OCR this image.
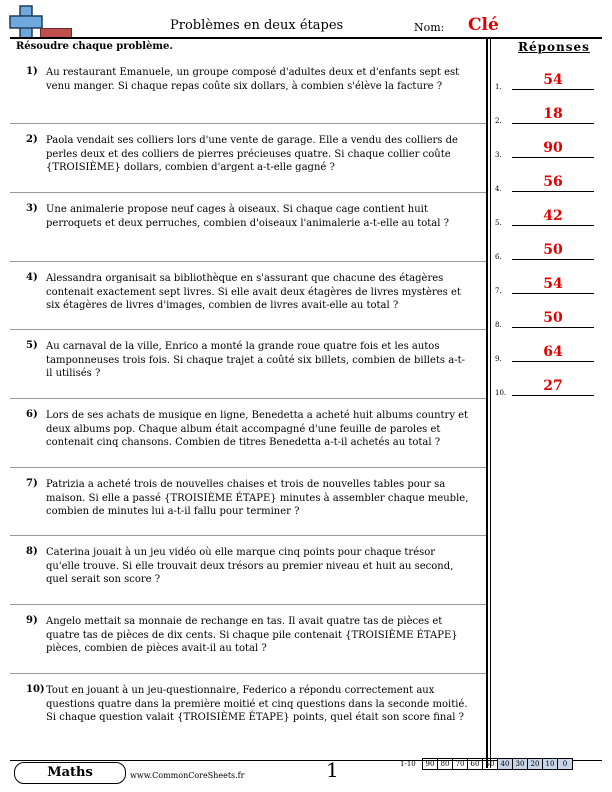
Problèmes en deux étapes	Nom: Clé
Résoudre chaque problème.
1) Au restaurant Emanuele, un groupe composé d'adultes deux et d'enfants sept est venu manger. Si chaque repas coûte six dollars, à combien s'élève la facture ?
2) Paola vendait ses colliers lors d'une vente de garage. Elle a vendu des colliers de perles deux et des colliers de pierres précieuses quatre. Si chaque collier coûte {TROISIÈME} dollars, combien d'argent a-t-elle gagné ?
3) Une animalerie propose neuf cages à oiseaux. Si chaque cage contient huit perroquets et deux perruches, combien d'oiseaux l'animalerie a-t-elle au total ?
4) Alessandra organisait sa bibliothèque en s'assurant que chacune des étagères contenait exactement sept livres. Si elle avait deux étagères de livres mystères et six étagères de livres d'images, combien de livres avait-elle au total ?
5) Au carnaval de la ville, Enrico a monté la grande roue quatre fois et les autos tamponneuses trois fois. Si chaque trajet a coûté six billets, combien de billets a-t-il utilisés ?
6) Lors de ses achats de musique en ligne, Benedetta a acheté huit albums country et deux albums pop. Chaque album était accompagné d'une feuille de paroles et contenait cinq chansons. Combien de titres Benedetta a-t-il achetés au total ?
7) Patrizia a acheté trois de nouvelles chaises et trois de nouvelles tables pour sa maison. Si elle a passé {TROISIÈME ÉTAPE} minutes à assembler chaque meuble, combien de minutes lui a-t-il fallu pour terminer ?
8) Caterina jouait à un jeu vidéo où elle marque cinq points pour chaque trésor qu'elle trouve. Si elle trouvait deux trésors au premier niveau et huit au second, quel serait son score ?
9) Angelo mettait sa monnaie de rechange en tas. Il avait quatre tas de pièces et quatre tas de pièces de dix cents. Si chaque pile contenait {TROISIÈME ÉTAPE} pièces, combien de pièces avait-il au total ?
10) Tout en jouant à un jeu-questionnaire, Federico a répondu correctement aux questions quatre dans la première moitié et cinq questions dans la seconde moitié. Si chaque question valait {TROISIÈME ÉTAPE} points, quel était son score final ?
Réponses
1.	54
2.	18
3.	90
4.	56
5.	42
6.	50
7.	54
8.	50
9.	64
10.	27
Maths	www.CommonCoreSheets.fr	1	1-10 90	80	70	60	50	40	30	20	10	0
